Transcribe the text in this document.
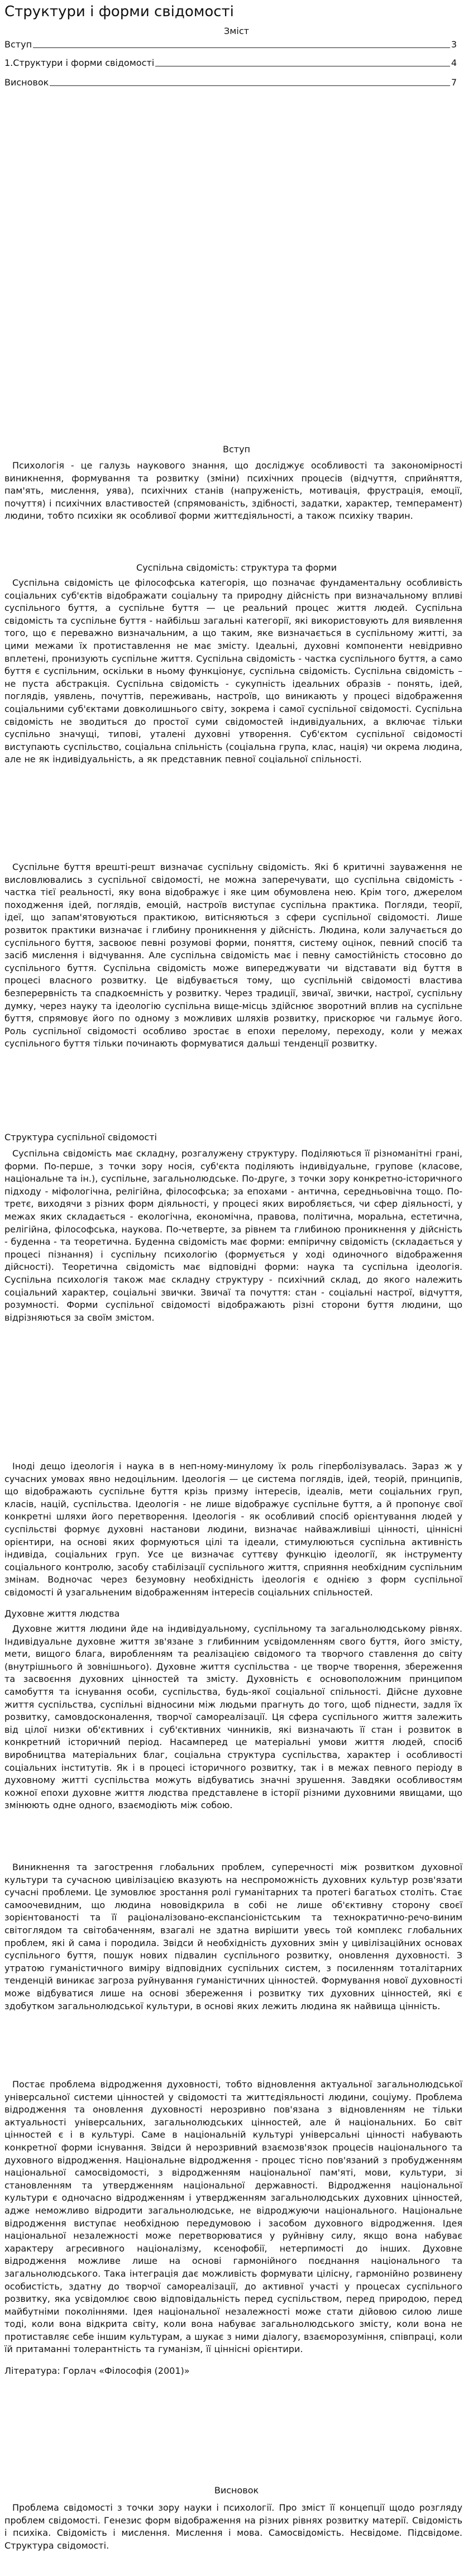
Структури і форми свідомості
Зміст
Вступ	3
1.Структури і форми свідомості	4
Висновок	7
Вступ

Психологія - це галузь наукового знання, що досліджує особливості та закономірності виникнення, формування та розвитку (зміни) психічних процесів (відчуття, сприйняття, пам'ять, мислення, уява), психічних станів (напруженість, мотивація, фрустрація, емоції, почуття) і психічних властивостей (спрямованість, здібності, задатки, характер, темперамент) людини, тобто психіки як особливої форми життєдіяльності, а також психіку тварин.

Суспільна свідомість: структура та форми

Суспільна свідомість це філософська категорія, що позначає фундаментальну особливість соціальних суб'єктів відображати соціальну та природну дійсність при визначальному впливі суспільного буття, а суспільне буття — це реальний процес життя людей. Суспільна свідомість та суспільне буття - найбільш загальні категорії, які використовують для виявлення того, що є переважно визначальним, а що таким, яке визначається в суспільному житті, за цими межами їх протиставлення не має змісту. Ідеальні, духовні компоненти невідривно вплетені, пронизують суспільне життя. Суспільна свідомість - частка суспільного буття, а само буття є суспільним, оскільки в ньому функціонує, суспільна свідомість. Суспільна свідомість – не пуста абстракція. Суспільна свідомість - сукупність ідеальних образів - понять, ідей, поглядів, уявлень, почуттів, переживань, настроїв, що виникають у процесі відображення соціальними суб'єктами довколишнього світу, зокрема і самої суспільної свідомості. Суспільна свідомість не зводиться до простої суми свідомостей індивідуальних, а включає тільки суспільно значущі, типові, уталені духовні утворення. Суб'єктом суспільної свідомості виступають суспільство, соціальна спільність (соціальна група, клас, нація) чи окрема людина, але не як індивідуальність, а як представник певної соціальної спільності.

Суспільне буття врешті-решт визначає суспільну свідомість. Які б критичні зауваження не висловлювались з суспільної свідомості, не можна заперечувати, що суспільна свідомість - частка тієї реальності, яку вона відображує і яке цим обумовлена нею. Крім того, джерелом походження ідей, поглядів, емоцій, настроїв виступає суспільна практика. Погляди, теорії, ідеї, що запам'ятовуються практикою, витісняються з сфери суспільної свідомості. Лише розвиток практики визначає і глибину проникнення у дійсність. Людина, коли залучається до суспільного буття, засвоює певні розумові форми, поняття, систему оцінок, певний спосіб та засіб мислення і відчування. Але суспільна свідомість має і певну самостійність стосовно до суспільного буття. Суспільна свідомість може випереджувати чи відставати від буття в процесі власного розвитку. Це відбувається тому, що суспільній свідомості властива безперервність та спадкоємність у розвитку. Через традиції, звичаї, звички, настрої, суспільну думку, через науку та ідеологію суспільна вище-місць здійснює зворотний вплив на суспільне буття, спрямовує його по одному з можливих шляхів розвитку, прискорює чи гальмує його. Роль суспільної свідомості особливо зростає в епохи перелому, переходу, коли у межах суспільного буття тільки починають формуватися дальші тенденції розвитку.

Структура суспільної свідомості

Суспільна свідомість має складну, розгалужену структуру. Поділяються її різноманітні грані, форми. По-перше, з точки зору носія, суб'єкта поділяють індивідуальне, групове (класове, національне та ін.), суспільне, загальнолюдське. По-друге, з точки зору конкретно-історичного підходу - міфологічна, релігійна, філософська; за епохами - антична, середньовічна тощо. По-третє, виходячи з різних форм діяльності, у процесі яких виробляється, чи сфер діяльності, у межах яких складається - екологічна, економічна, правова, політична, моральна, естетична, релігійна, філософська, наукова. По-четверте, за рівнем та глибиною проникнення у дійсність - буденна - та теоретична. Буденна свідомість має форми: емпіричну свідомість (складається у процесі пізнання) і суспільну психологію (формується у ході одиночного відображення дійсності). Теоретична свідомість має відповідні форми: наука та суспільна ідеологія. Суспільна психологія також має складну структуру - психічний склад, до якого належить соціальний характер, соціальні звички. Звичаї та почуття: стан - соціальні настрої, відчуття, розумності. Форми суспільної свідомості відображають різні сторони буття людини, що відрізняються за своїм змістом.

Іноді дещо ідеологія і наука в в неп-ному-минулому їх роль гіперболізувалась. Зараз ж у сучасних умовах явно недоцільним. Ідеологія — це система поглядів, ідей, теорій, принципів, що відображають суспільне буття крізь призму інтересів, ідеалів, мети соціальних груп, класів, націй, суспільства. Ідеологія - не лише відображує суспільне буття, а й пропонує свої конкретні шляхи його перетворення. Ідеологія - як особливий спосіб орієнтування людей у суспільстві формує духовні настанови людини, визначає найважливіші цінності, ціннісні орієнтири, на основі яких формуються цілі та ідеали, стимулюються суспільна активність індивіда, соціальних груп. Усе це визначає суттєву функцію ідеології, як інструменту соціального контролю, засобу стабілізації суспільного життя, сприяння необхідним суспільним змінам. Водночас через безумовну необхідність ідеологія є однією з форм суспільної свідомості й узагальненим відображенням інтересів соціальних спільностей.

Духовне життя людства

Духовне життя людини йде на індивідуальному, суспільному та загальнолюдському рівнях. Індивідуальне духовне життя зв'язане з глибинним усвідомленням свого буття, його змісту, мети, вищого блага, виробленням та реалізацією свідомого та творчого ставлення до світу (внутрішнього й зовнішнього). Духовне життя суспільства - це творче творення, збереження та засвоєння духовних цінностей та змісту. Духовність є основоположним принципом самобуття та існування особи, суспільства, будь-якої соціальної спільності. Дійсне духовне життя суспільства, суспільні відносини між людьми прагнуть до того, щоб піднести, задля їх розвитку, самовдосконалення, творчої самореалізації. Ця сфера суспільного життя залежить від цілої низки об'єктивних і суб'єктивних чинників, які визначають її стан і розвиток в конкретний історичний період. Насамперед це матеріальні умови життя людей, спосіб виробництва матеріальних благ, соціальна структура суспільства, характер і особливості соціальних інститутів. Як і в процесі історичного розвитку, так і в межах певного періоду в духовному житті суспільства можуть відбуватись значні зрушення. Завдяки особливостям кожної епохи духовне життя людства представлене в історії різними духовними явищами, що змінюють одне одного, взаємодіють між собою.

Виникнення та загострення глобальних проблем, суперечності між розвитком духовної культури та сучасною цивілізацією вказують на неспроможність духовних культур розв'язати сучасні проблеми. Це зумовлює зростання ролі гуманітарних та протегі багатьох століть. Стає самоочевидним, що людина нововідкрила в собі не лише об'єктивну сторону своєї зорієнтованості та її раціоналізовано-експансіоністським та технократично-речо-виним світоглядом та світобаченням, взагалі не здатна вирішити увесь той комплекс глобальних проблем, які й сама і породила. Звідси й необхідність духовних змін у цивілізаційних основах суспільного буття, пошук нових підвалин суспільного розвитку, оновлення духовності. З утратою гуманістичного виміру відповідних суспільних систем, з посиленням тоталітарних тенденцій виникає загроза руйнування гуманістичних цінностей. Формування нової духовності може відбуватися лише на основі збереження і розвитку тих духовних цінностей, які є здобутком загальнолюдської культури, в основі яких лежить людина як найвища цінність.

Постає проблема відродження духовності, тобто відновлення актуальної загальнолюдської універсальної системи цінностей у свідомості та життєдіяльності людини, соціуму. Проблема відродження та оновлення духовності нерозривно пов'язана з відновленням не тільки актуальності універсальних, загальнолюдських цінностей, але й національних. Бо світ цінностей є і в культурі. Саме в національній культурі універсальні цінності набувають конкретної форми існування. Звідси й нерозривний взаємозв'язок процесів національного та духовного відродження. Національне відродження - процес тісно пов'язаний з пробудженням національної самосвідомості, з відродженням національної пам'яті, мови, культури, зі становленням та утвердженням національної державності. Відродження національної культури є одночасно відродженням і утвердженням загальнолюдських духовних цінностей, адже неможливо відродити загальнолюдське, не відроджуючи національного. Національне відродження виступає необхідною передумовою і засобом духовного відродження. Ідея національної незалежності може перетворюватися у руйнівну силу, якщо вона набуває характеру агресивного націоналізму, ксенофобії, нетерпимості до інших. Духовне відродження можливе лише на основі гармонійного поєднання національного та загальнолюдського. Така інтеграція дає можливість формувати цілісну, гармонійно розвинену особистість, здатну до творчої самореалізації, до активної участі у процесах суспільного розвитку, яка усвідомлює свою відповідальність перед суспільством, перед природою, перед майбутніми поколіннями. Ідея національної незалежності може стати дійовою силою лише тоді, коли вона відкрита світу, коли вона набуває загальнолюдського змісту, коли вона не протиставляє себе іншим культурам, а шукає з ними діалогу, взаєморозуміння, співпраці, коли їй притаманні толерантність та гуманізм, її ціннісні орієнтири.

Література: Горлач «Філософія (2001)»
Висновок

Проблема свідомості з точки зору науки і психології. Про зміст її концепції щодо розгляду проблем свідомості. Генезис форм відображення на різних рівнях розвитку матерії. Свідомість і психіка. Свідомість і мислення. Мислення і мова. Самосвідомість. Несвідоме. Підсвідоме. Структура свідомості.
